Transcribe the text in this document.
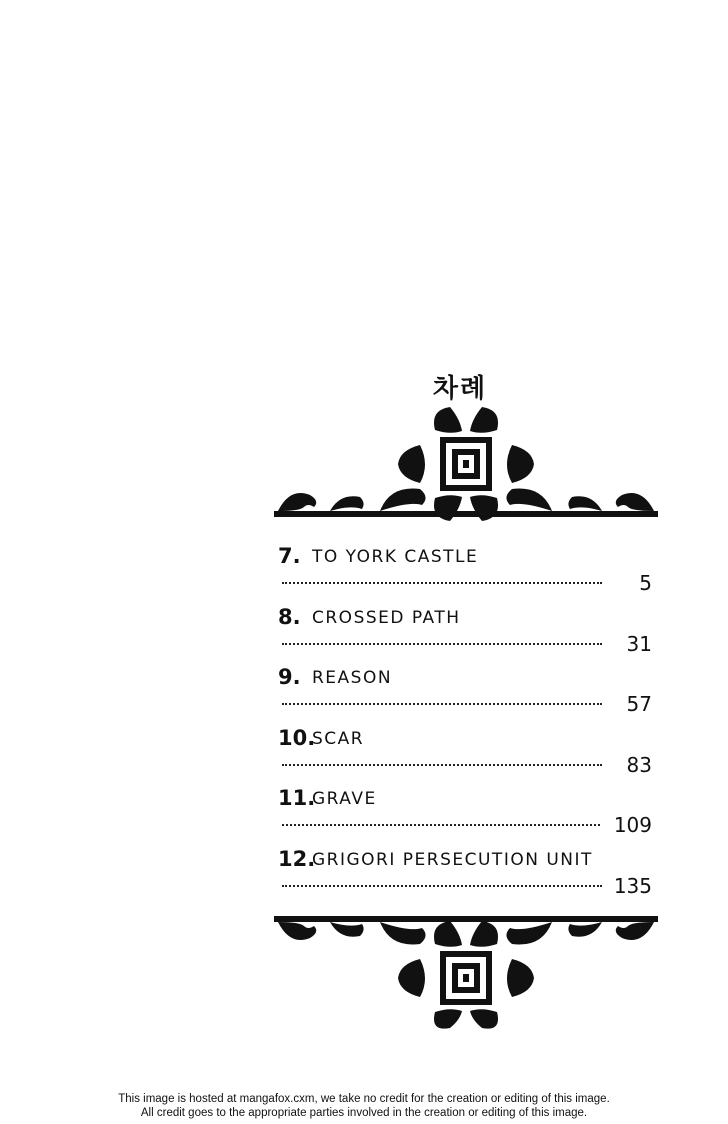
차례
7. TO YORK CASTLE
5
8. CROSSED PATH
31
9. REASON
57
10.
SCAR
83
11.
GRAVE
109
12.
GRIGORI PERSECUTION UNIT
135
This image is hosted at mangafox.cxm, we take no credit for the creation or editing of this image.
All credit goes to the appropriate parties involved in the creation or editing of this image.
